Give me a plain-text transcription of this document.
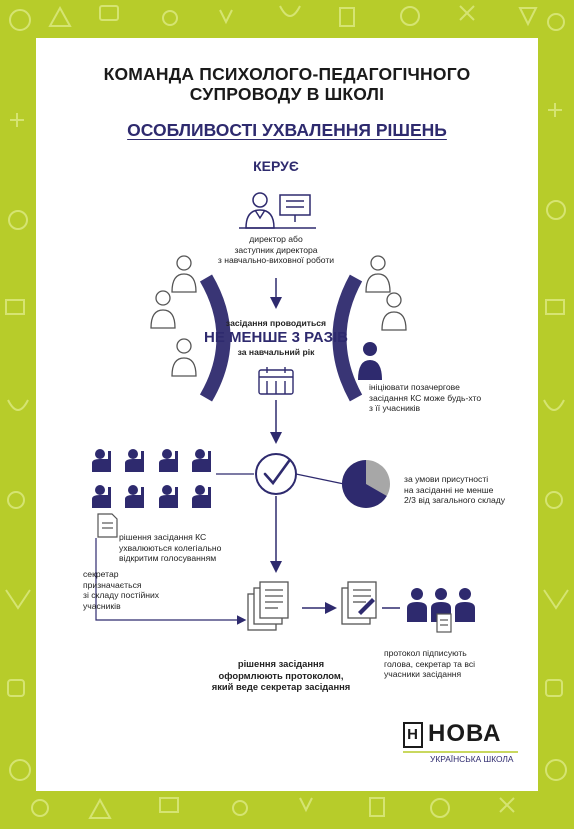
КОМАНДА ПСИХОЛОГО-ПЕДАГОГІЧНОГО
СУПРОВОДУ В ШКОЛІ
ОСОБЛИВОСТІ УХВАЛЕННЯ РІШЕНЬ
КЕРУЄ
директор або
заступник директора
з навчально-виховної роботи
засідання проводиться
НЕ МЕНШЕ 3 РАЗІВ
за навчальний рік
ініціювати позачергове
засідання КС може будь-хто
з її учасників
за умови присутності
на засіданні не менше
2/3 від загального складу
рішення засідання КС
ухвалюються колегіально
відкритим голосуванням
секретар
призначається
зі складу постійних
учасників
рішення засідання
оформлюють протоколом,
який веде секретар засідання
протокол підписують
голова, секретар та всі
учасники засідання
Н НОВА
УКРАЇНСЬКА ШКОЛА
